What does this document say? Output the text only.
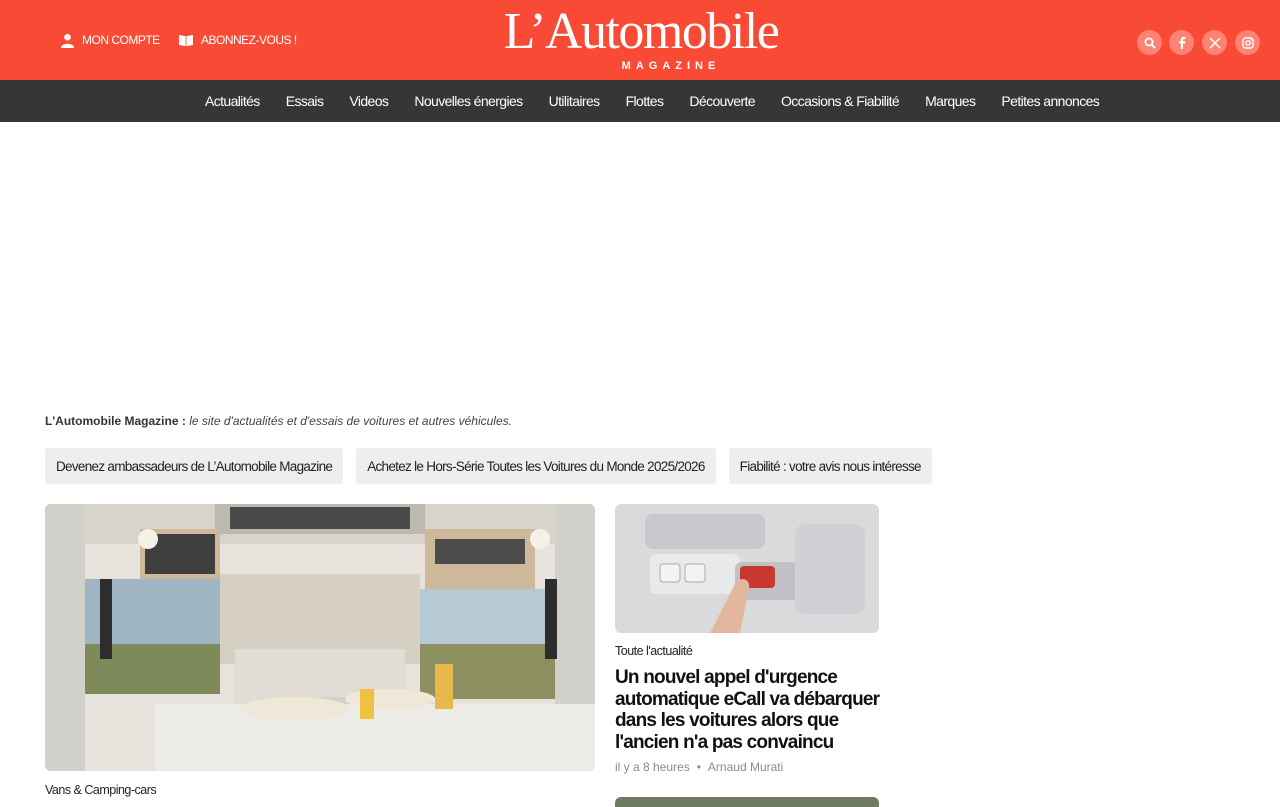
MON COMPTE	ABONNEZ-VOUS !	L’Automobile
MAGAZINE
Actualités Essais Videos Nouvelles énergies Utilitaires Flottes Découverte Occasions & Fiabilité Marques Petites annonces
L'Automobile Magazine : le site d'actualités et d'essais de voitures et autres véhicules.
Devenez ambassadeurs de L’Automobile Magazine	Achetez le Hors-Série Toutes les Voitures du Monde 2025/2026	Fiabilité : votre avis nous intéresse
Vans & Camping-cars
Toute l'actualité
Un nouvel appel d'urgence automatique eCall va débarquer dans les voitures alors que l'ancien n'a pas convaincu
il y a 8 heures • Arnaud Murati
